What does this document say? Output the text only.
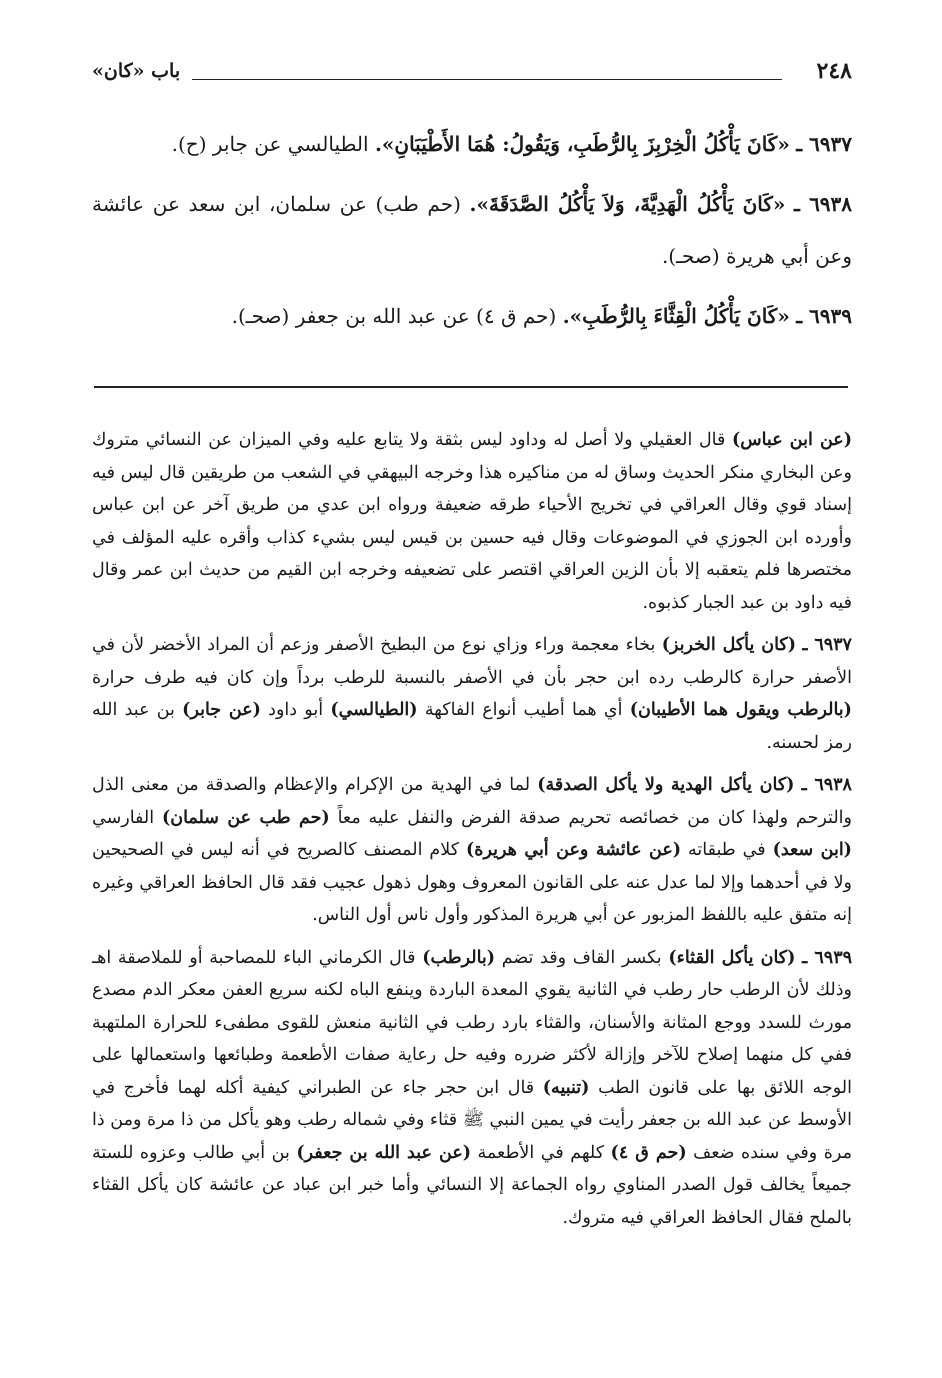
٢٤٨
باب «كان»

٦٩٣٧ ـ «كَانَ يَأْكُلُ الْخِرْبِزَ بِالرُّطَبِ، وَيَقُولُ: هُمَا الأَطْيَبَانِ». الطيالسي عن جابر (ح).

٦٩٣٨ ـ «كَانَ يَأْكُلُ الْهَدِيَّةَ، وَلاَ يَأْكُلُ الصَّدَقَةَ». (حم طب) عن سلمان، ابن سعد عن عائشة وعن أبي هريرة (صحـ).

٦٩٣٩ ـ «كَانَ يَأْكُلُ الْقِثَّاءَ بِالرُّطَبِ». (حم ق ٤) عن عبد الله بن جعفر (صحـ).

(عن ابن عباس) قال العقيلي ولا أصل له وداود ليس بثقة ولا يتابع عليه وفي الميزان عن النسائي متروك وعن البخاري منكر الحديث وساق له من مناكيره هذا وخرجه البيهقي في الشعب من طريقين قال ليس فيه إسناد قوي وقال العراقي في تخريج الأحياء طرقه ضعيفة ورواه ابن عدي من طريق آخر عن ابن عباس وأورده ابن الجوزي في الموضوعات وقال فيه حسين بن قيس ليس بشيء كذاب وأقره عليه المؤلف في مختصرها فلم يتعقبه إلا بأن الزين العراقي اقتصر على تضعيفه وخرجه ابن القيم من حديث ابن عمر وقال فيه داود بن عبد الجبار كذبوه.

٦٩٣٧ ـ (كان يأكل الخربز) بخاء معجمة وراء وزاي نوع من البطيخ الأصفر وزعم أن المراد الأخضر لأن في الأصفر حرارة كالرطب رده ابن حجر بأن في الأصفر بالنسبة للرطب برداً وإن كان فيه طرف حرارة (بالرطب ويقول هما الأطيبان) أي هما أطيب أنواع الفاكهة (الطيالسي) أبو داود (عن جابر) بن عبد الله رمز لحسنه.

٦٩٣٨ ـ (كان يأكل الهدية ولا يأكل الصدقة) لما في الهدية من الإكرام والإعظام والصدقة من معنى الذل والترحم ولهذا كان من خصائصه تحريم صدقة الفرض والنفل عليه معاً (حم طب عن سلمان) الفارسي (ابن سعد) في طبقاته (عن عائشة وعن أبي هريرة) كلام المصنف كالصريح في أنه ليس في الصحيحين ولا في أحدهما وإلا لما عدل عنه على القانون المعروف وهول ذهول عجيب فقد قال الحافظ العراقي وغيره إنه متفق عليه باللفظ المزبور عن أبي هريرة المذكور وأول ناس أول الناس.

٦٩٣٩ ـ (كان يأكل القثاء) بكسر القاف وقد تضم (بالرطب) قال الكرماني الباء للمصاحبة أو للملاصقة اهـ وذلك لأن الرطب حار رطب في الثانية يقوي المعدة الباردة وينفع الباه لكنه سريع العفن معكر الدم مصدع مورث للسدد ووجع المثانة والأسنان، والقثاء بارد رطب في الثانية منعش للقوى مطفىء للحرارة الملتهبة ففي كل منهما إصلاح للآخر وإزالة لأكثر ضرره وفيه حل رعاية صفات الأطعمة وطبائعها واستعمالها على الوجه اللائق بها على قانون الطب (تنبيه) قال ابن حجر جاء عن الطبراني كيفية أكله لهما فأخرج في الأوسط عن عبد الله بن جعفر رأيت في يمين النبي ﷺ قثاء وفي شماله رطب وهو يأكل من ذا مرة ومن ذا مرة وفي سنده ضعف (حم ق ٤) كلهم في الأطعمة (عن عبد الله بن جعفر) بن أبي طالب وعزوه للستة جميعاً يخالف قول الصدر المناوي رواه الجماعة إلا النسائي وأما خبر ابن عباد عن عائشة كان يأكل القثاء بالملح فقال الحافظ العراقي فيه متروك.
